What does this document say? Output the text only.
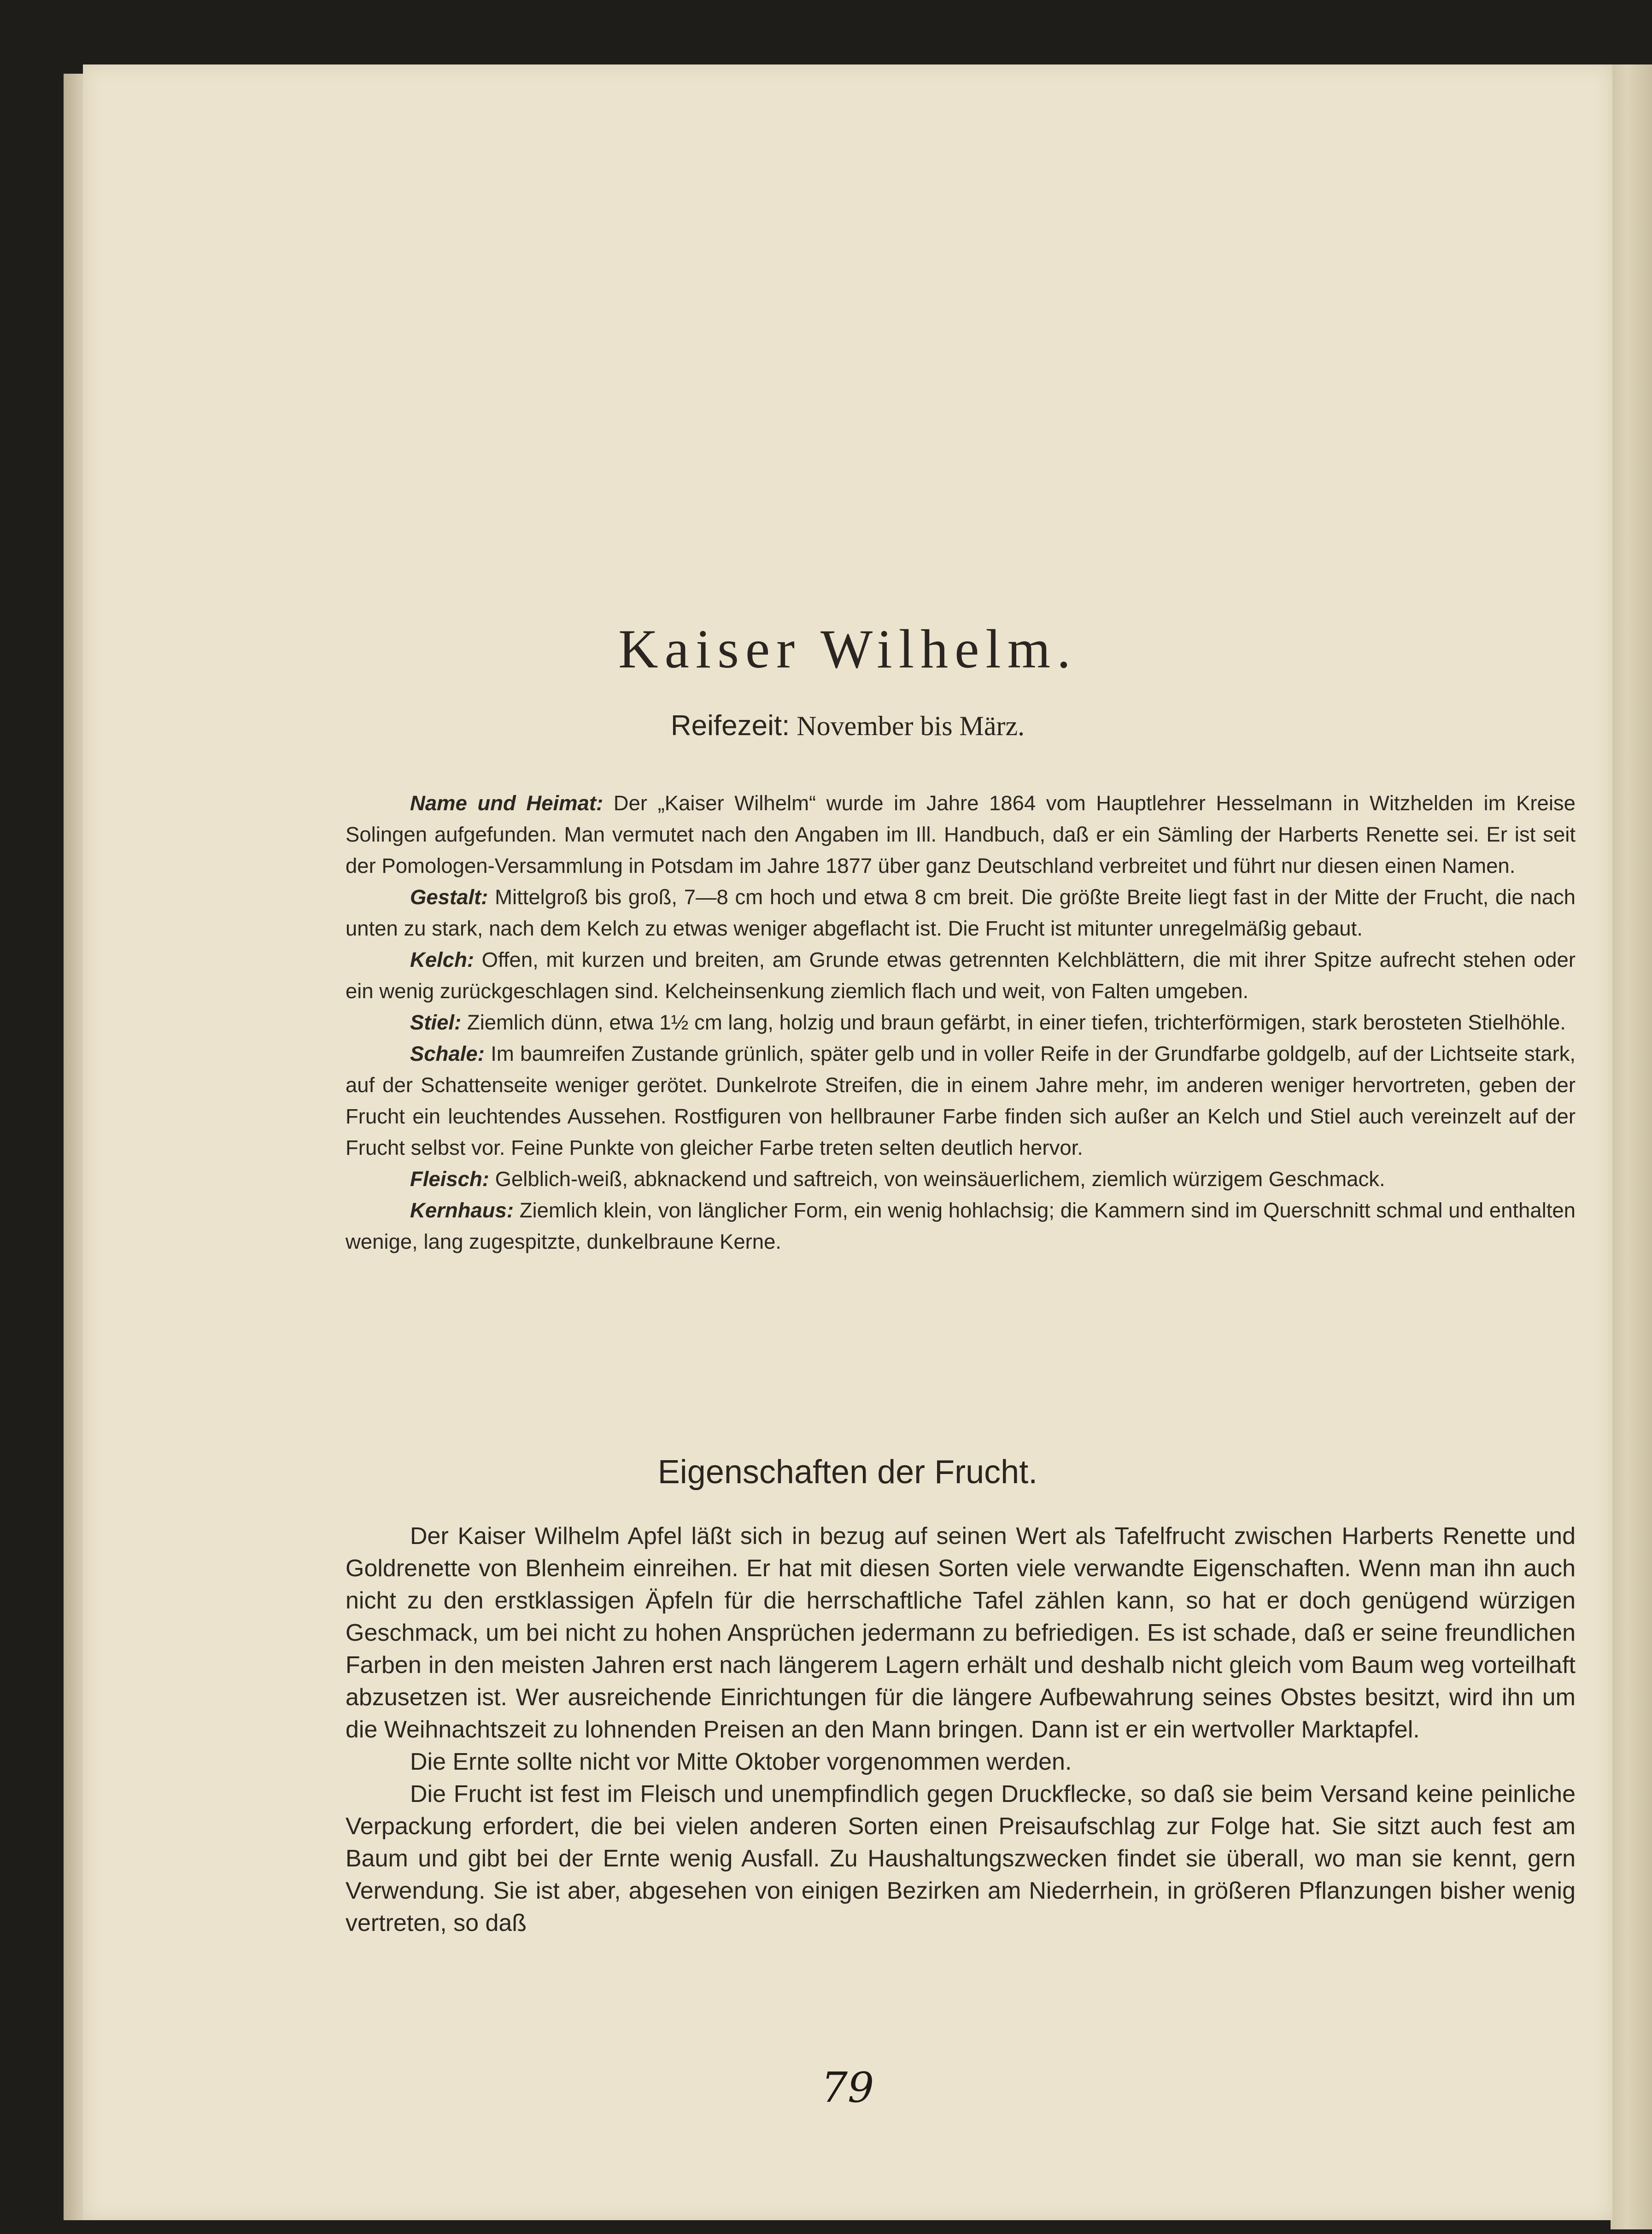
Kaiser Wilhelm.
Reifezeit: November bis März.

Name und Heimat: Der „Kaiser Wilhelm“ wurde im Jahre 1864 vom Hauptlehrer Hesselmann in Witzhelden im Kreise Solingen aufgefunden. Man vermutet nach den Angaben im Ill. Handbuch, daß er ein Sämling der Harberts Renette sei. Er ist seit der Pomologen-Versammlung in Potsdam im Jahre 1877 über ganz Deutschland verbreitet und führt nur diesen einen Namen.

Gestalt: Mittelgroß bis groß, 7—8 cm hoch und etwa 8 cm breit. Die größte Breite liegt fast in der Mitte der Frucht, die nach unten zu stark, nach dem Kelch zu etwas weniger abgeflacht ist. Die Frucht ist mitunter unregelmäßig gebaut.

Kelch: Offen, mit kurzen und breiten, am Grunde etwas getrennten Kelchblättern, die mit ihrer Spitze aufrecht stehen oder ein wenig zurückgeschlagen sind. Kelcheinsenkung ziemlich flach und weit, von Falten umgeben.

Stiel: Ziemlich dünn, etwa 1½ cm lang, holzig und braun gefärbt, in einer tiefen, trichterförmigen, stark berosteten Stielhöhle.

Schale: Im baumreifen Zustande grünlich, später gelb und in voller Reife in der Grundfarbe goldgelb, auf der Lichtseite stark, auf der Schattenseite weniger gerötet. Dunkelrote Streifen, die in einem Jahre mehr, im anderen weniger hervortreten, geben der Frucht ein leuchtendes Aussehen. Rostfiguren von hellbrauner Farbe finden sich außer an Kelch und Stiel auch vereinzelt auf der Frucht selbst vor. Feine Punkte von gleicher Farbe treten selten deutlich hervor.

Fleisch: Gelblich-weiß, abknackend und saftreich, von weinsäuerlichem, ziemlich würzigem Geschmack.

Kernhaus: Ziemlich klein, von länglicher Form, ein wenig hohlachsig; die Kammern sind im Querschnitt schmal und enthalten wenige, lang zugespitzte, dunkelbraune Kerne.

Eigenschaften der Frucht.

Der Kaiser Wilhelm Apfel läßt sich in bezug auf seinen Wert als Tafelfrucht zwischen Harberts Renette und Goldrenette von Blenheim einreihen. Er hat mit diesen Sorten viele verwandte Eigenschaften. Wenn man ihn auch nicht zu den erstklassigen Äpfeln für die herrschaftliche Tafel zählen kann, so hat er doch genügend würzigen Geschmack, um bei nicht zu hohen Ansprüchen jedermann zu befriedigen. Es ist schade, daß er seine freundlichen Farben in den meisten Jahren erst nach längerem Lagern erhält und deshalb nicht gleich vom Baum weg vorteilhaft abzusetzen ist. Wer ausreichende Einrichtungen für die längere Aufbewahrung seines Obstes besitzt, wird ihn um die Weihnachtszeit zu lohnenden Preisen an den Mann bringen. Dann ist er ein wertvoller Marktapfel.

Die Ernte sollte nicht vor Mitte Oktober vorgenommen werden.

Die Frucht ist fest im Fleisch und unempfindlich gegen Druckflecke, so daß sie beim Versand keine peinliche Verpackung erfordert, die bei vielen anderen Sorten einen Preisaufschlag zur Folge hat. Sie sitzt auch fest am Baum und gibt bei der Ernte wenig Ausfall. Zu Haushaltungszwecken findet sie überall, wo man sie kennt, gern Verwendung. Sie ist aber, abgesehen von einigen Bezirken am Niederrhein, in größeren Pflanzungen bisher wenig vertreten, so daß

79
